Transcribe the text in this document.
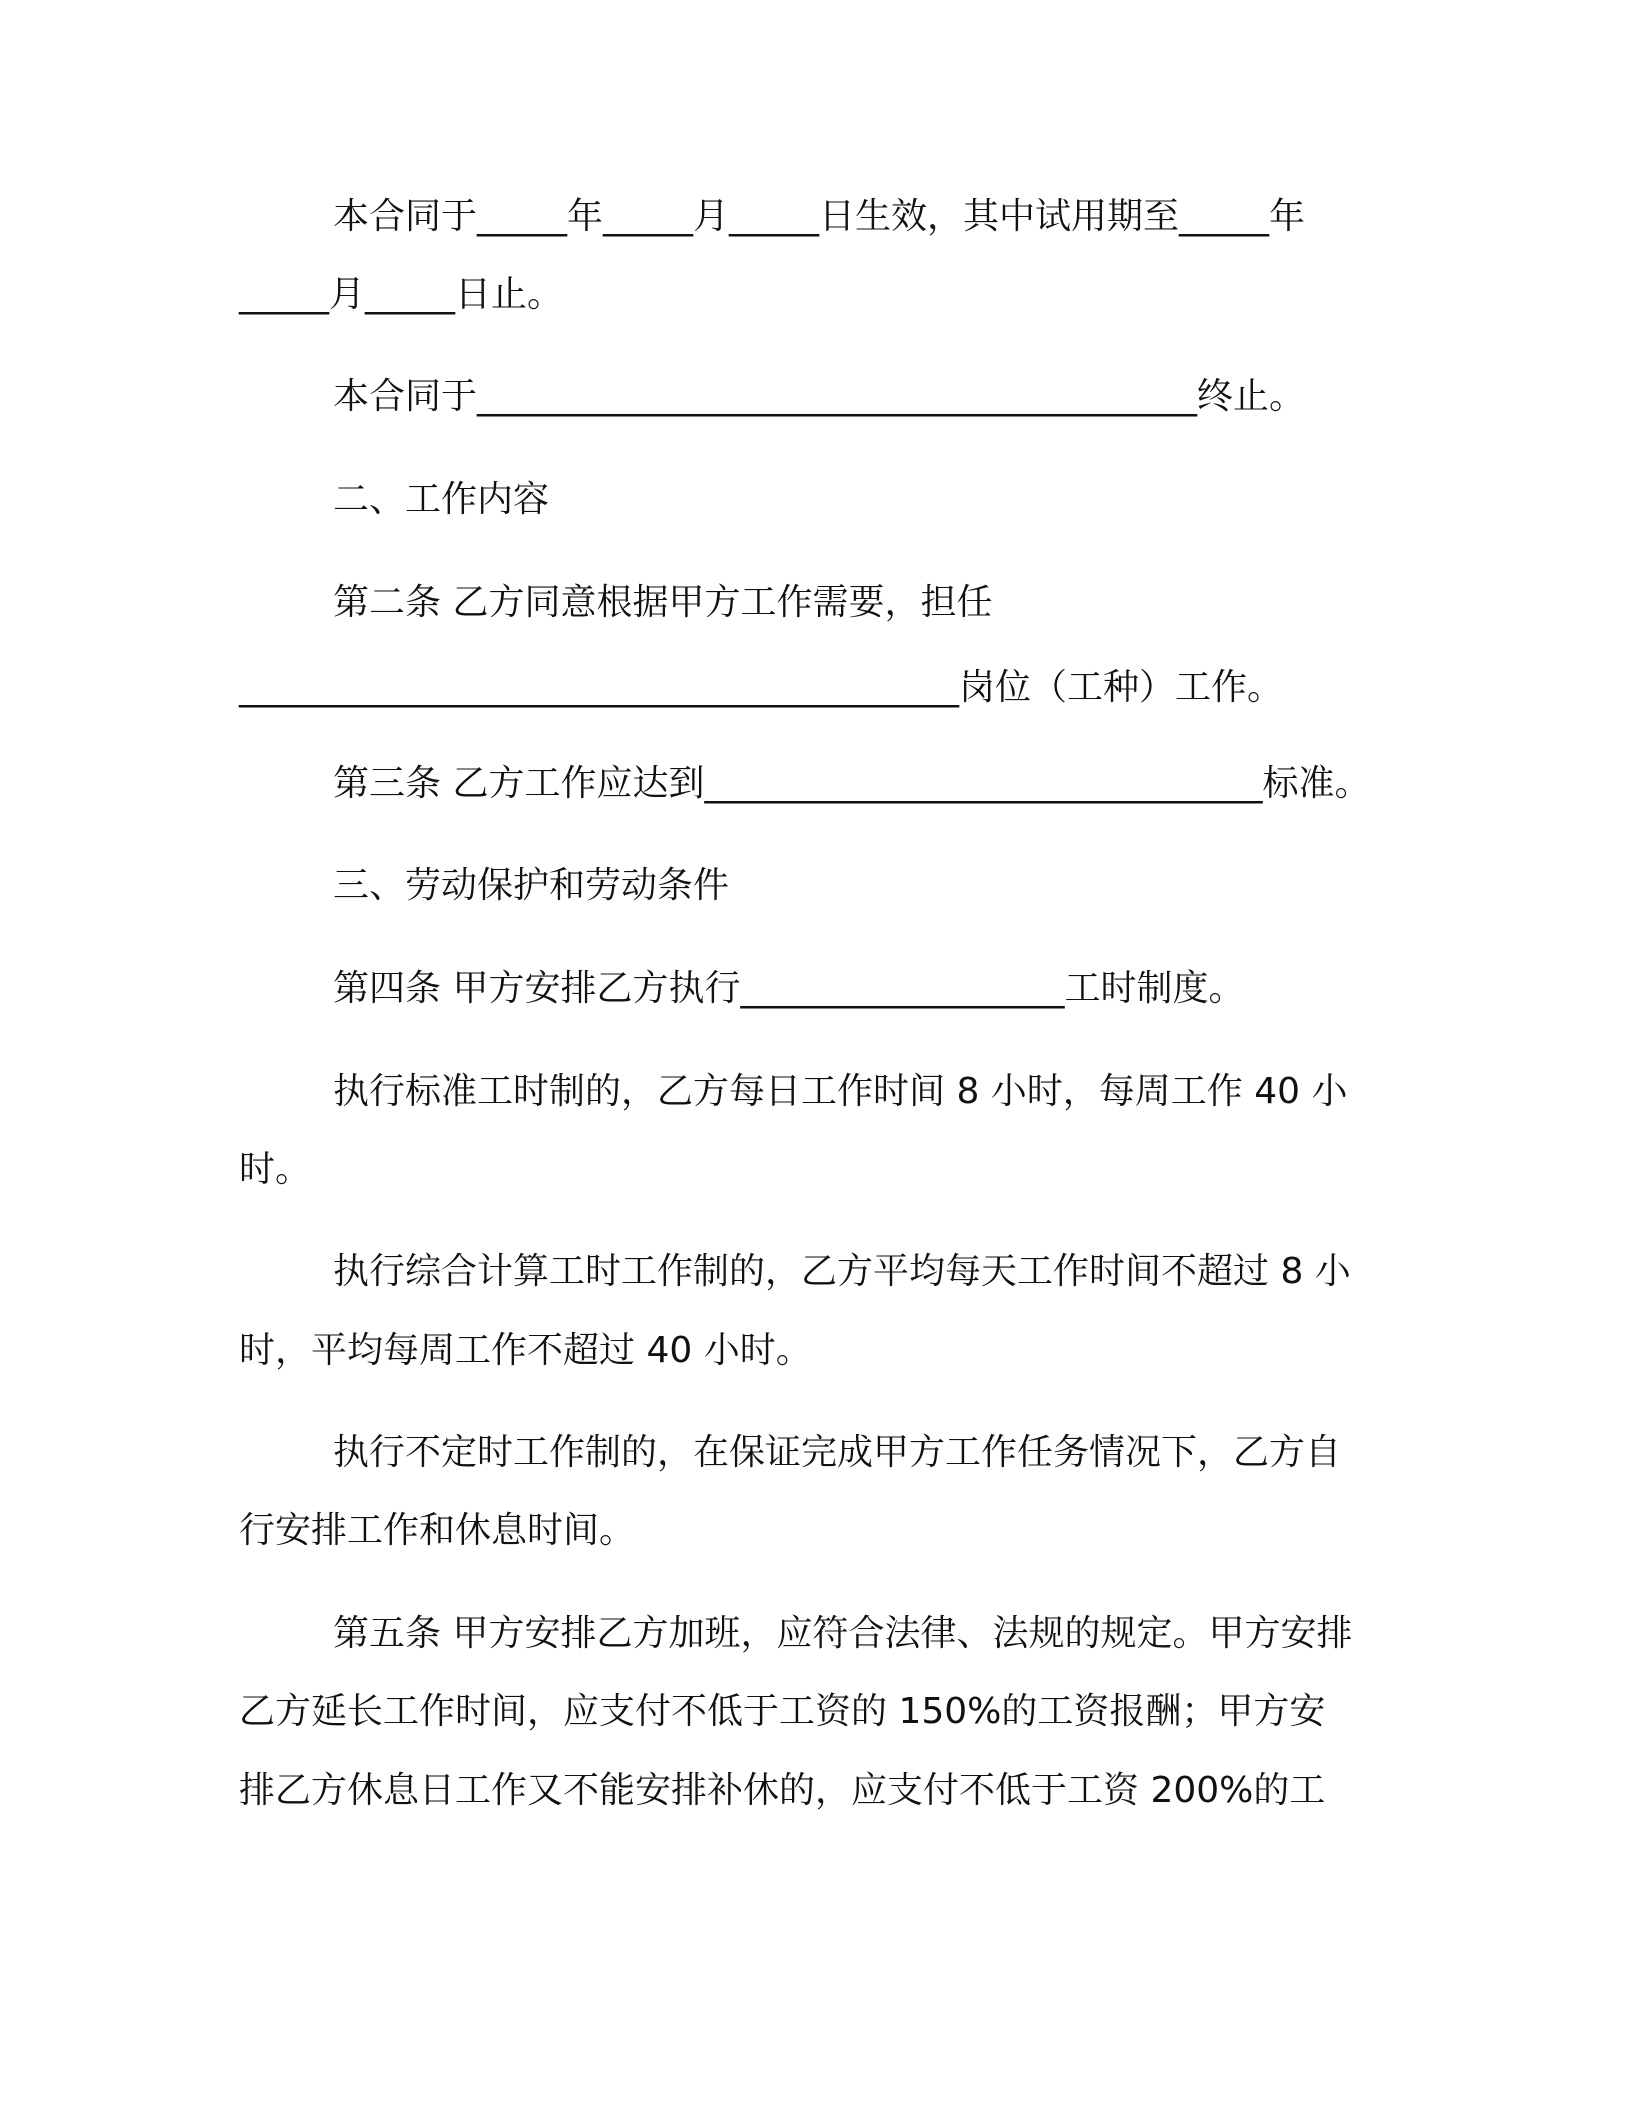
本合同于_____年_____月_____日生效，其中试用期至_____年
_____月_____日止。
本合同于________________________________________终止。
二、工作内容
第二条 乙方同意根据甲方工作需要，担任
________________________________________岗位（工种）工作。
第三条 乙方工作应达到_______________________________标准。
三、劳动保护和劳动条件
第四条 甲方安排乙方执行__________________工时制度。
执行标准工时制的，乙方每日工作时间 8 小时，每周工作 40 小
时。
执行综合计算工时工作制的，乙方平均每天工作时间不超过 8 小
时，平均每周工作不超过 40 小时。
执行不定时工作制的，在保证完成甲方工作任务情况下，乙方自
行安排工作和休息时间。
第五条 甲方安排乙方加班，应符合法律、法规的规定。甲方安排
乙方延长工作时间，应支付不低于工资的 150%的工资报酬；甲方安
排乙方休息日工作又不能安排补休的，应支付不低于工资 200%的工
